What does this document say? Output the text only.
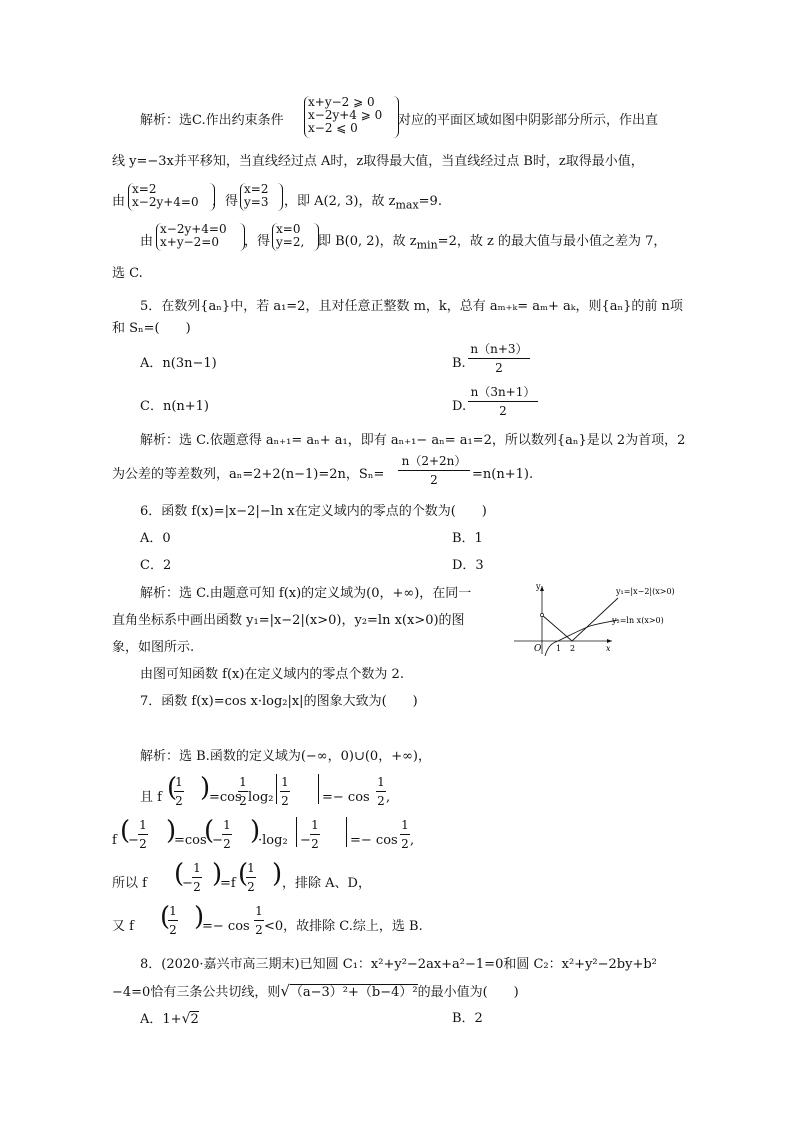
解析：选C.作出约束条件
x+y−2 ⩾ 0
x−2y+4 ⩾ 0
x−2 ⩽ 0	对应的平面区域如图中阴影部分所示，作出直
线 y=−3x并平移知，当直线经过点 A时，z取得最大值，当直线经过点 B时，z取得最小值，
由
x=2
x−2y+4=0 ，得
x=2
y=3 ，即 A(2, 3)，故 $z_{max}=9$.
由
x−2y+4=0
x+y−2=0	，得
x=0
y=2, 即 B(0, 2)，故 $z_{min}=2$，故 z 的最大值与最小值之差为 7，
选 C.
5．在数列{aₙ}中，若 a₁=2，且对任意正整数 m，k，总有 aₘ₊ₖ= aₘ+ aₖ，则{aₙ}的前 n项
和 Sₙ=(　　)
A．n(3n−1)	B.
n（n+3）
2
C．n(n+1)	D.
n（3n+1）
2
解析：选 C.依题意得 aₙ₊₁= aₙ+ a₁，即有 aₙ₊₁− aₙ= a₁=2，所以数列{aₙ}是以 2为首项，2
为公差的等差数列，aₙ=2+2(n−1)=2n，Sₙ=
n（2+2n）
2	=n(n+1).
6．函数 f(x)=|x−2|−ln x在定义域内的零点的个数为(　　)
A．0	B．1
C．2	D．3
解析：选 C.由题意可知 f(x)的定义域为(0，+∞)，在同一
直角坐标系中画出函数 y₁=|x−2|(x>0)，y₂=ln x(x>0)的图
象，如图所示.
由图可知函数 f(x)在定义域内的零点个数为 2.
y
x
O 1 2
y₁=|x−2|(x>0)
y₂=ln x(x>0)
7．函数 f(x)=cos x·log₂|x|的图象大致为(　　)
解析：选 B.函数的定义域为(−∞，0)∪(0，+∞)，
且 f (
1
2 )
=cos
1
2 log₂
1
2	=− cos
1
2 ,
f (
−
1
2 )
=cos
(
−
1
2 )
·log₂ −
1
2 =− cos
1
2 ,
所以 f (
−
1
2 )
=f ( 1
2 ) ，排除 A、D，
又 f ( 1
2 )
=− cos
1
2 <0，故排除 C.综上，选 B.
8．(2020·嘉兴市高三期末)已知圆 C₁：x²+y²−2ax+a²−1=0和圆 C₂：x²+y²−2by+b²
−4=0恰有三条公共切线，则√（a−3）²+（b−4）²的最小值为(　　)
A．1+√2	B．2
